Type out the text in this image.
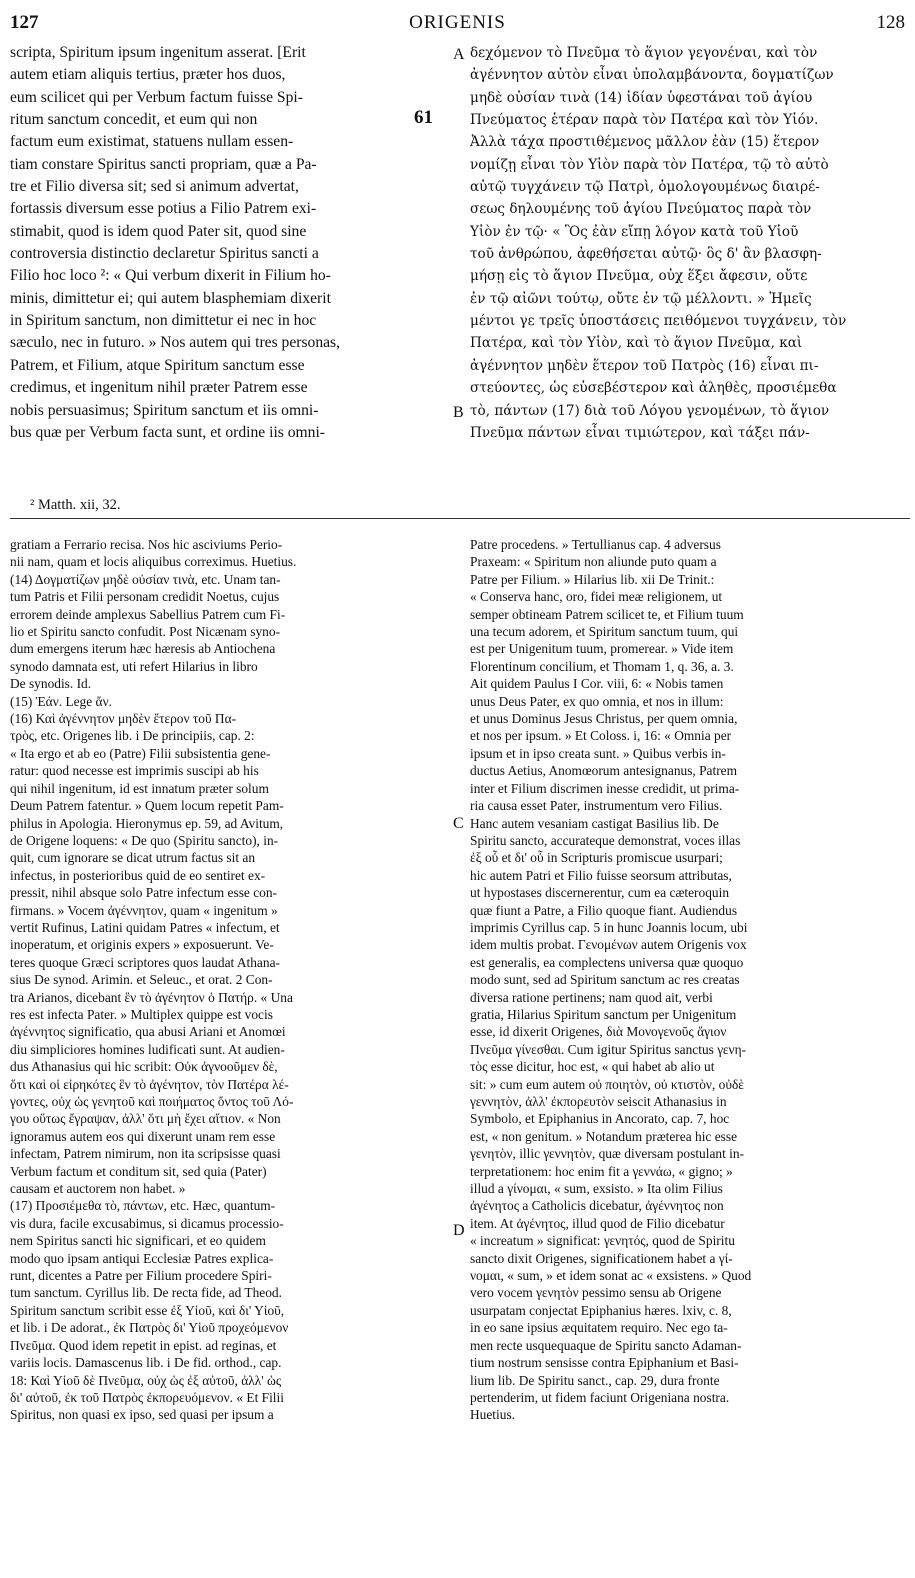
127	ORIGENIS	128
scripta, Spiritum ipsum ingenitum asserat. [Erit
autem etiam aliquis tertius, præter hos duos,
eum scilicet qui per Verbum factum fuisse Spi-
ritum sanctum concedit, et eum qui non
factum eum existimat, statuens nullam essen-
tiam constare Spiritus sancti propriam, quæ a Pa-
tre et Filio diversa sit; sed si animum advertat,
fortassis diversum esse potius a Filio Patrem exi-
stimabit, quod is idem quod Pater sit, quod sine
controversia distinctio declaretur Spiritus sancti a
Filio hoc loco ²: « Qui verbum dixerit in Filium ho-
minis, dimittetur ei; qui autem blasphemiam dixerit
in Spiritum sanctum, non dimittetur ei nec in hoc
sæculo, nec in futuro. » Nos autem qui tres personas,
Patrem, et Filium, atque Spiritum sanctum esse
credimus, et ingenitum nihil præter Patrem esse
nobis persuasimus; Spiritum sanctum et iis omni-
bus quæ per Verbum facta sunt, et ordine iis omni-
δεχόμενον τὸ Πνεῦμα τὸ ἅγιον γεγονέναι, καὶ τὸν
ἀγέννητον αὐτὸν εἶναι ὑπολαμβάνοντα, δογματίζων
μηδὲ οὐσίαν τινὰ (14) ἰδίαν ὑφεστάναι τοῦ ἁγίου
Πνεύματος ἑτέραν παρὰ τὸν Πατέρα καὶ τὸν Υἱόν.
Ἀλλὰ τάχα προστιθέμενος μᾶλλον ἐὰν (15) ἕτερον
νομίζῃ εἶναι τὸν Υἱὸν παρὰ τὸν Πατέρα, τῷ τὸ αὐτὸ
αὐτῷ τυγχάνειν τῷ Πατρὶ, ὁμολογουμένως διαιρέ-
σεως δηλουμένης τοῦ ἁγίου Πνεύματος παρὰ τὸν
Υἱὸν ἐν τῷ· « Ὃς ἐὰν εἴπῃ λόγον κατὰ τοῦ Υἱοῦ
τοῦ ἀνθρώπου, ἀφεθήσεται αὐτῷ· ὃς δ' ἂν βλασφη-
μήσῃ εἰς τὸ ἅγιον Πνεῦμα, οὐχ ἕξει ἄφεσιν, οὔτε
ἐν τῷ αἰῶνι τούτῳ, οὔτε ἐν τῷ μέλλοντι. » Ἡμεῖς
μέντοι γε τρεῖς ὑποστάσεις πειθόμενοι τυγχάνειν, τὸν
Πατέρα, καὶ τὸν Υἱὸν, καὶ τὸ ἅγιον Πνεῦμα, καὶ
ἀγέννητον μηδὲν ἕτερον τοῦ Πατρὸς (16) εἶναι πι-
στεύοντες, ὡς εὐσεβέστερον καὶ ἀληθὲς, προσιέμεθα
τὸ, πάντων (17) διὰ τοῦ Λόγου γενομένων, τὸ ἅγιον
Πνεῦμα πάντων εἶναι τιμιώτερον, καὶ τάξει πάν-
A
B
C
D
61
² Matth. xii, 32.
gratiam a Ferrario recisa. Nos hic asciviums Perio-
nii nam, quam et locis aliquibus correximus. Huetius.
(14) Δογματίζων μηδὲ οὐσίαν τινὰ, etc. Unam tan-
tum Patris et Filii personam credidit Noetus, cujus
errorem deinde amplexus Sabellius Patrem cum Fi-
lio et Spiritu sancto confudit. Post Nicænam syno-
dum emergens iterum hæc hæresis ab Antiochena
synodo damnata est, uti refert Hilarius in libro
De synodis. Id.
(15) Ἐάν. Lege ἄν.
(16) Καὶ ἀγέννητον μηδὲν ἕτερον τοῦ Πα-
τρὸς, etc. Origenes lib. i De principiis, cap. 2:
« Ita ergo et ab eo (Patre) Filii subsistentia gene-
ratur: quod necesse est imprimis suscipi ab his
qui nihil ingenitum, id est innatum præter solum
Deum Patrem fatentur. » Quem locum repetit Pam-
philus in Apologia. Hieronymus ep. 59, ad Avitum,
de Origene loquens: « De quo (Spiritu sancto), in-
quit, cum ignorare se dicat utrum factus sit an
infectus, in posterioribus quid de eo sentiret ex-
pressit, nihil absque solo Patre infectum esse con-
firmans. » Vocem ἀγέννητον, quam « ingenitum »
vertit Rufinus, Latini quidam Patres « infectum, et
inoperatum, et originis expers » exposuerunt. Ve-
teres quoque Græci scriptores quos laudat Athana-
sius De synod. Arimin. et Seleuc., et orat. 2 Con-
tra Arianos, dicebant ἓν τὸ ἀγένητον ὁ Πατήρ. « Una
res est infecta Pater. » Multiplex quippe est vocis
ἀγέννητος significatio, qua abusi Ariani et Anomœi
diu simpliciores homines ludificati sunt. At audien-
dus Athanasius qui hic scribit: Οὐκ ἀγνοοῦμεν δὲ,
ὅτι καὶ οἱ εἰρηκότες ἓν τὸ ἀγένητον, τὸν Πατέρα λέ-
γοντες, οὐχ ὡς γενητοῦ καὶ ποιήματος ὄντος τοῦ Λό-
γου οὕτως ἔγραψαν, ἀλλ' ὅτι μὴ ἔχει αἴτιον. « Non
ignoramus autem eos qui dixerunt unam rem esse
infectam, Patrem nimirum, non ita scripsisse quasi
Verbum factum et conditum sit, sed quia (Pater)
causam et auctorem non habet. »
(17) Προσιέμεθα τὸ, πάντων, etc. Hæc, quantum-
vis dura, facile excusabimus, si dicamus processio-
nem Spiritus sancti hic significari, et eo quidem
modo quo ipsam antiqui Ecclesiæ Patres explica-
runt, dicentes a Patre per Filium procedere Spiri-
tum sanctum. Cyrillus lib. De recta fide, ad Theod.
Spiritum sanctum scribit esse ἐξ Υἱοῦ, καὶ δι' Υἱοῦ,
et lib. i De adorat., ἐκ Πατρὸς δι' Υἱοῦ προχεόμενον
Πνεῦμα. Quod idem repetit in epist. ad reginas, et
variis locis. Damascenus lib. i De fid. orthod., cap.
18: Καὶ Υἱοῦ δὲ Πνεῦμα, οὐχ ὡς ἐξ αὐτοῦ, ἀλλ' ὡς
δι' αὐτοῦ, ἐκ τοῦ Πατρὸς ἐκπορευόμενον. « Et Filii
Spiritus, non quasi ex ipso, sed quasi per ipsum a
Patre procedens. » Tertullianus cap. 4 adversus
Praxeam: « Spiritum non aliunde puto quam a
Patre per Filium. » Hilarius lib. xii De Trinit.:
« Conserva hanc, oro, fidei meæ religionem, ut
semper obtineam Patrem scilicet te, et Filium tuum
una tecum adorem, et Spiritum sanctum tuum, qui
est per Unigenitum tuum, promerear. » Vide item
Florentinum concilium, et Thomam 1, q. 36, a. 3.
Ait quidem Paulus I Cor. viii, 6: « Nobis tamen
unus Deus Pater, ex quo omnia, et nos in illum:
et unus Dominus Jesus Christus, per quem omnia,
et nos per ipsum. » Et Coloss. i, 16: « Omnia per
ipsum et in ipso creata sunt. » Quibus verbis in-
ductus Aetius, Anomœorum antesignanus, Patrem
inter et Filium discrimen inesse credidit, ut prima-
ria causa esset Pater, instrumentum vero Filius.
Hanc autem vesaniam castigat Basilius lib. De
Spiritu sancto, accurateque demonstrat, voces illas
ἐξ οὗ et δι' οὗ in Scripturis promiscue usurpari;
hic autem Patri et Filio fuisse seorsum attributas,
ut hypostases discernerentur, cum ea cæteroquin
quæ fiunt a Patre, a Filio quoque fiant. Audiendus
imprimis Cyrillus cap. 5 in hunc Joannis locum, ubi
idem multis probat. Γενομένων autem Origenis vox
est generalis, ea complectens universa quæ quoquo
modo sunt, sed ad Spiritum sanctum ac res creatas
diversa ratione pertinens; nam quod ait, verbi
gratia, Hilarius Spiritum sanctum per Unigenitum
esse, id dixerit Origenes, διὰ Μονογενοῦς ἅγιον
Πνεῦμα γίνεσθαι. Cum igitur Spiritus sanctus γενη-
τὸς esse dicitur, hoc est, « qui habet ab alio ut
sit: » cum eum autem οὐ ποιητὸν, οὐ κτιστὸν, οὐδὲ
γεννητὸν, ἀλλ' ἐκπορευτὸν seiscit Athanasius in
Symbolo, et Epiphanius in Ancorato, cap. 7, hoc
est, « non genitum. » Notandum præterea hic esse
γενητὸν, illic γεννητὸν, quæ diversam postulant in-
terpretationem: hoc enim fit a γεννάω, « gigno; »
illud a γίνομαι, « sum, exsisto. » Ita olim Filius
ἀγένητος a Catholicis dicebatur, ἀγέννητος non
item. At ἀγένητος, illud quod de Filio dicebatur
« increatum » significat: γενητός, quod de Spiritu
sancto dixit Origenes, significationem habet a γί-
νομαι, « sum, » et idem sonat ac « exsistens. » Quod
vero vocem γενητὸν pessimo sensu ab Origene
usurpatam conjectat Epiphanius hæres. lxiv, c. 8,
in eo sane ipsius æquitatem requiro. Nec ego ta-
men recte usquequaque de Spiritu sancto Adaman-
tium nostrum sensisse contra Epiphanium et Basi-
lium lib. De Spiritu sanct., cap. 29, dura fronte
pertenderim, ut fidem faciunt Origeniana nostra.
Huetius.
